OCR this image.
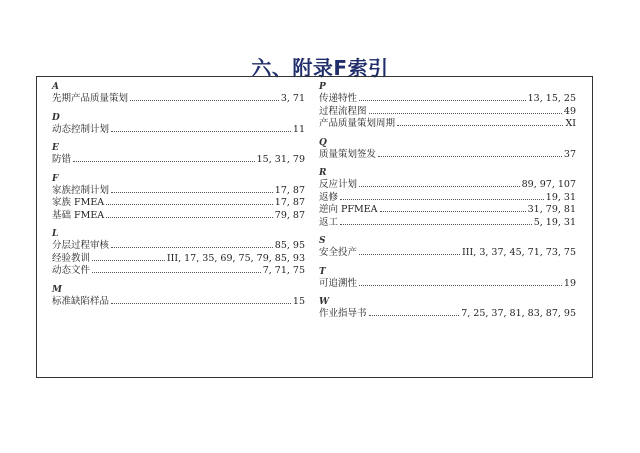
六、附录F索引
A
先期产品质量策划	3, 71
D
动态控制计划	11
E
防错	15, 31, 79
F
家族控制计划	17, 87
家族 FMEA	17, 87
基础 FMEA	79, 87
L
分层过程审核	85, 95
经验教训	III, 17, 35, 69, 75, 79, 85, 93
动态文件	7, 71, 75
M
标准缺陷样品	15
P
传递特性	13, 15, 25
过程流程图	49
产品质量策划周期	XI
Q
质量策划签发	37
R
反应计划	89, 97, 107
返修	19, 31
逆向 PFMEA	31, 79, 81
返工	5, 19, 31
S
安全投产	III, 3, 37, 45, 71, 73, 75
T
可追溯性	19
W
作业指导书	7, 25, 37, 81, 83, 87, 95
